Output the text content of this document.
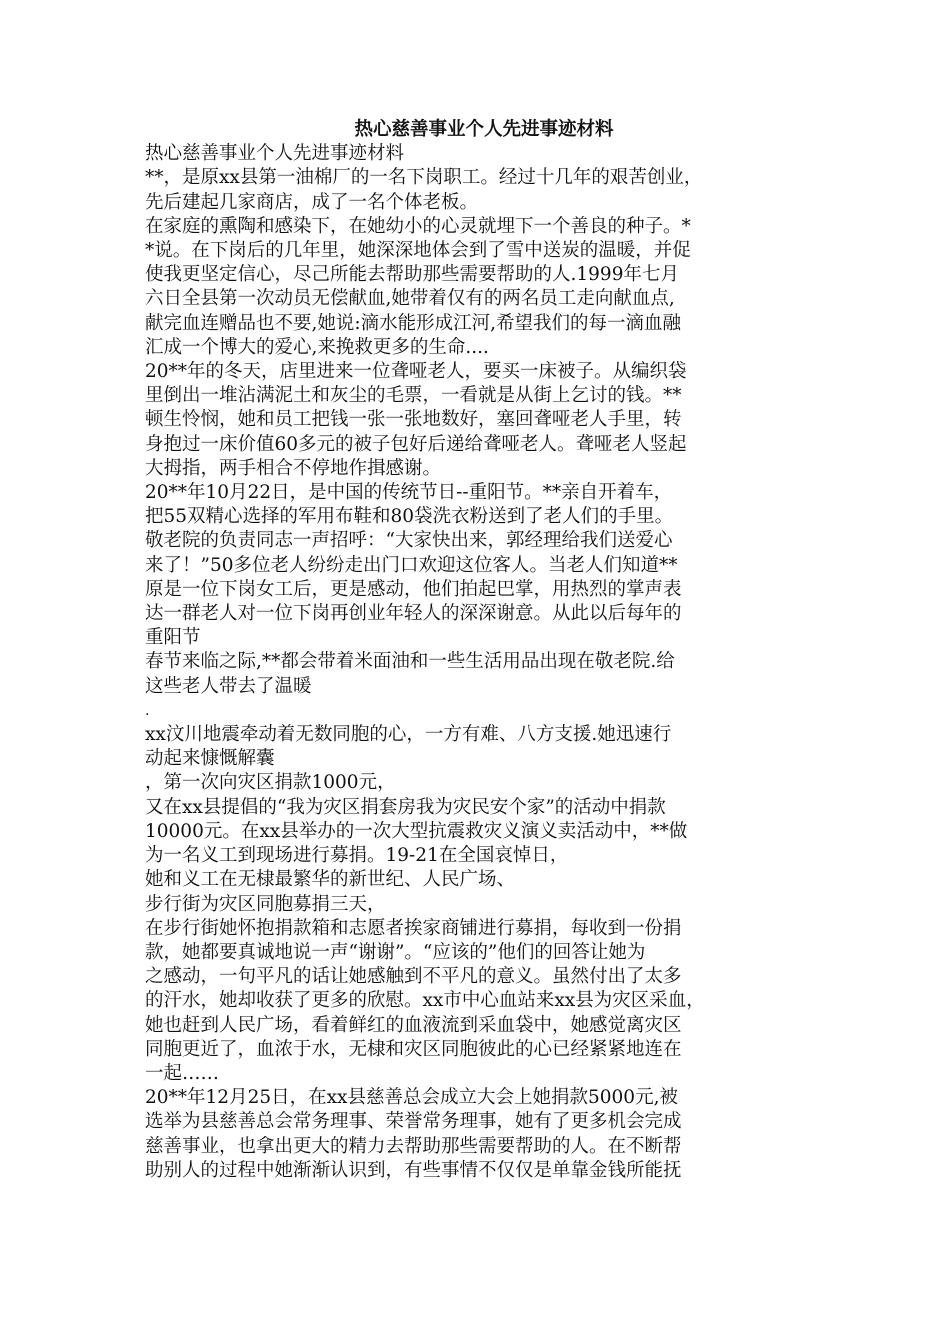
热心慈善事业个人先进事迹材料

热心慈善事业个人先进事迹材料

**，是原xx县第一油棉厂的一名下岗职工。经过十几年的艰苦创业，

先后建起几家商店，成了一名个体老板。

在家庭的熏陶和感染下，在她幼小的心灵就埋下一个善良的种子。*

*说。在下岗后的几年里，她深深地体会到了雪中送炭的温暖，并促

使我更坚定信心，尽己所能去帮助那些需要帮助的人.1999年七月

六日全县第一次动员无偿献血,她带着仅有的两名员工走向献血点,

献完血连赠品也不要,她说:滴水能形成江河,希望我们的每一滴血融

汇成一个博大的爱心,来挽救更多的生命....

20**年的冬天，店里进来一位聋哑老人，要买一床被子。从编织袋

里倒出一堆沾满泥土和灰尘的毛票，一看就是从街上乞讨的钱。**

顿生怜悯，她和员工把钱一张一张地数好，塞回聋哑老人手里，转

身抱过一床价值60多元的被子包好后递给聋哑老人。聋哑老人竖起

大拇指，两手相合不停地作揖感谢。

20**年10月22日，是中国的传统节日--重阳节。**亲自开着车，

把55双精心选择的军用布鞋和80袋洗衣粉送到了老人们的手里。

敬老院的负责同志一声招呼：“大家快出来，郭经理给我们送爱心

来了！”50多位老人纷纷走出门口欢迎这位客人。当老人们知道**

原是一位下岗女工后，更是感动，他们拍起巴掌，用热烈的掌声表

达一群老人对一位下岗再创业年轻人的深深谢意。从此以后每年的

重阳节

春节来临之际,**都会带着米面油和一些生活用品出现在敬老院.给

这些老人带去了温暖

.

xx汶川地震牵动着无数同胞的心，一方有难、八方支援.她迅速行

动起来慷慨解囊

，第一次向灾区捐款1000元，

又在xx县提倡的“我为灾区捐套房我为灾民安个家”的活动中捐款

10000元。在xx县举办的一次大型抗震救灾义演义卖活动中，**做

为一名义工到现场进行募捐。19-21在全国哀悼日，

她和义工在无棣最繁华的新世纪、人民广场、

步行街为灾区同胞募捐三天，

在步行街她怀抱捐款箱和志愿者挨家商铺进行募捐，每收到一份捐

款，她都要真诚地说一声“谢谢”。“应该的”他们的回答让她为

之感动，一句平凡的话让她感触到不平凡的意义。虽然付出了太多

的汗水，她却收获了更多的欣慰。xx市中心血站来xx县为灾区采血，

她也赶到人民广场，看着鲜红的血液流到采血袋中，她感觉离灾区

同胞更近了，血浓于水，无棣和灾区同胞彼此的心已经紧紧地连在

一起……

20**年12月25日，在xx县慈善总会成立大会上她捐款5000元,被

选举为县慈善总会常务理事、荣誉常务理事，她有了更多机会完成

慈善事业，也拿出更大的精力去帮助那些需要帮助的人。在不断帮

助别人的过程中她渐渐认识到，有些事情不仅仅是单靠金钱所能抚
